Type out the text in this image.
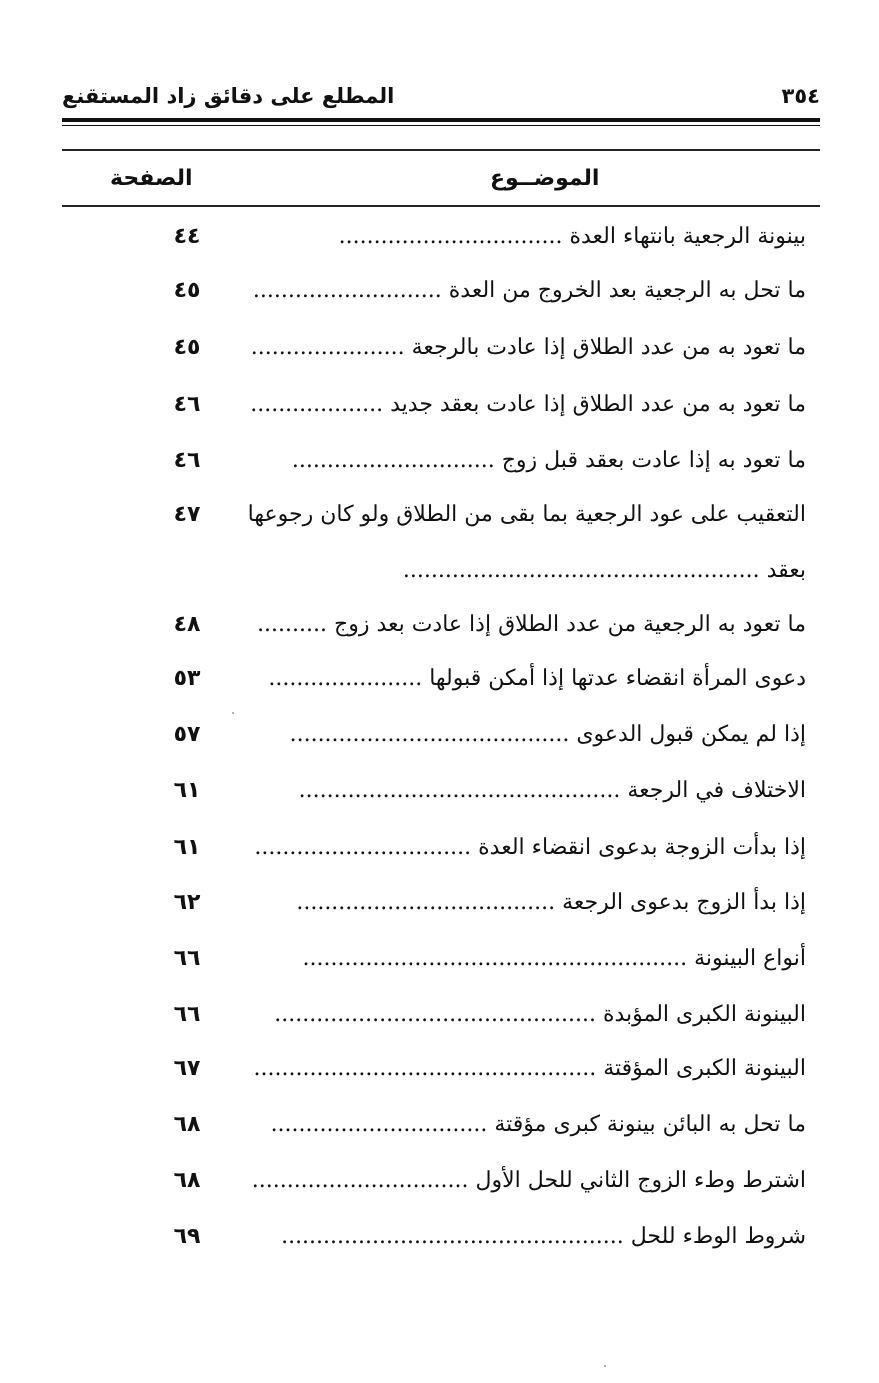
المطلع على دقائق زاد المستقنع	٣٥٤
الموضــوع
الصفحة
٤٤	بينونة الرجعية بانتهاء العدة ................................
٤٥	ما تحل به الرجعية بعد الخروج من العدة ...........................
٤٥	ما تعود به من عدد الطلاق إذا عادت بالرجعة ......................
٤٦	ما تعود به من عدد الطلاق إذا عادت بعقد جديد ...................
٤٦	ما تعود به إذا عادت بعقد قبل زوج .............................
٤٧	التعقيب على عود الرجعية بما بقى من الطلاق ولو كان رجوعها
بعقد ...................................................
٤٨	ما تعود به الرجعية من عدد الطلاق إذا عادت بعد زوج ..........
٥٣	دعوى المرأة انقضاء عدتها إذا أمكن قبولها ......................
٥٧	إذا لم يمكن قبول الدعوى ........................................
٦١	الاختلاف في الرجعة ..............................................
٦١	إذا بدأت الزوجة بدعوى انقضاء العدة ...............................
٦٢	إذا بدأ الزوج بدعوى الرجعة .....................................
٦٦	أنواع البينونة .......................................................
٦٦	البينونة الكبرى المؤبدة ..............................................
٦٧	البينونة الكبرى المؤقتة .................................................
٦٨	ما تحل به البائن بينونة كبرى مؤقتة ...............................
٦٨	اشترط وطء الزوج الثاني للحل الأول ...............................
٦٩	شروط الوطء للحل .................................................
